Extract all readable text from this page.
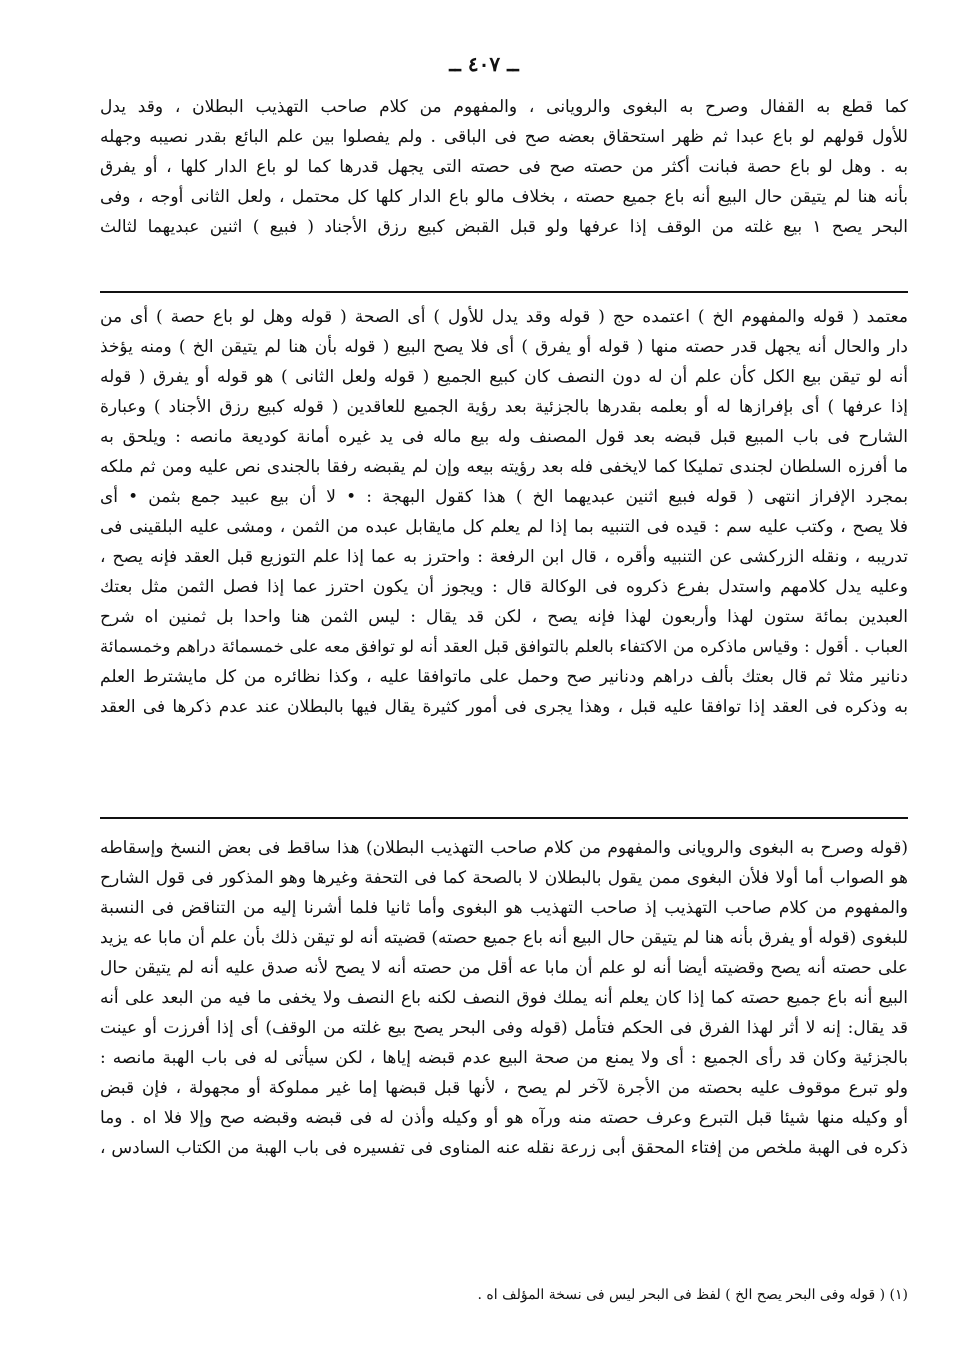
ــ ٤٠٧ ــ
كما قطع به القفال وصرح به البغوى والرويانى ، والمفهوم من كلام صاحب التهذيب البطلان ، وقد يدل
للأول قولهم لو باع عبدا ثم ظهر استحقاق بعضه صح فى الباقى . ولم يفصلوا بين علم البائع بقدر نصيبه وجهله
به . وهل لو باع حصة فبانت أكثر من حصته صح فى حصته التى يجهل قدرها كما لو باع الدار كلها ، أو يفرق
بأنه هنا لم يتيقن حال البيع أنه باع جميع حصته ، بخلاف مالو باع الدار كلها كل محتمل ، ولعل الثانى أوجه ، وفى
البحر يصح ١ بيع غلته من الوقف إذا عرفها ولو قبل القبض كبيع رزق الأجناد ( فبيع ) اثنين عبديهما لثالث
معتمد ( قوله والمفهوم الخ ) اعتمده حج ( قوله وقد يدل للأول ) أى الصحة ( قوله وهل لو باع حصة ) أى من
دار والحال أنه يجهل قدر حصته منها ( قوله أو يفرق ) أى فلا يصح البيع ( قوله بأن هنا لم يتيقن الخ ) ومنه يؤخذ
أنه لو تيقن بيع الكل كأن علم أن له دون النصف كان كبيع الجميع ( قوله ولعل الثانى ) هو قوله أو يفرق ( قوله
إذا عرفها ) أى بإفرازها له أو بعلمه بقدرها بالجزئية بعد رؤية الجميع للعاقدين ( قوله كبيع رزق الأجناد ) وعبارة
الشارح فى باب المبيع قبل قبضه بعد قول المصنف وله بيع ماله فى يد غيره أمانة كوديعة مانصه : ويلحق به
ما أفرزه السلطان لجندى تمليكا كما لايخفى فله بعد رؤيته بيعه وإن لم يقبضه رفقا بالجندى نص عليه ومن ثم ملكه
بمجرد الإفراز انتهى ( قوله فبيع اثنين عبديهما الخ ) هذا كقول البهجة : • لا أن بيع عبيد جمع بثمن • أى
فلا يصح ، وكتب عليه سم : قيده فى التنبيه بما إذا لم يعلم كل مايقابل عبده من الثمن ، ومشى عليه البلقينى فى
تدريبه ، ونقله الزركشى عن التنبيه وأقره ، قال ابن الرفعة : واحترز به عما إذا علم التوزيع قبل العقد فإنه يصح ،
وعليه يدل كلامهم واستدل بفرع ذكروه فى الوكالة قال : ويجوز أن يكون احترز عما إذا فصل الثمن مثل بعتك
العبدين بمائة ستون لهذا وأربعون لهذا فإنه يصح ، لكن قد يقال : ليس الثمن هنا واحدا بل ثمنين اه شرح
العباب . أقول : وقياس ماذكره من الاكتفاء بالعلم بالتوافق قبل العقد أنه لو توافق معه على خمسمائة دراهم وخمسمائة
دنانير مثلا ثم قال بعتك بألف دراهم ودنانير صح وحمل على ماتوافقا عليه ، وكذا نظائره من كل مايشترط العلم
به وذكره فى العقد إذا توافقا عليه قبل ، وهذا يجرى فى أمور كثيرة يقال فيها بالبطلان عند عدم ذكرها فى العقد
(قوله وصرح به البغوى والرويانى والمفهوم من كلام صاحب التهذيب البطلان) هذا ساقط فى بعض النسخ وإسقاطه
هو الصواب أما أولا فلأن البغوى ممن يقول بالبطلان لا بالصحة كما فى التحفة وغيرها وهو المذكور فى قول الشارح
والمفهوم من كلام صاحب التهذيب إذ صاحب التهذيب هو البغوى وأما ثانيا فلما أشرنا إليه من التناقض فى النسبة
للبغوى (قوله أو يفرق بأنه هنا لم يتيقن حال البيع أنه باع جميع حصته) قضيته أنه لو تيقن ذلك بأن علم أن مابا عه يزيد
على حصته أنه يصح وقضيته أيضا أنه لو علم أن مابا عه أقل من حصته أنه لا يصح لأنه صدق عليه أنه لم يتيقن حال
البيع أنه باع جميع حصته كما إذا كان يعلم أنه يملك فوق النصف لكنه باع النصف ولا يخفى ما فيه من البعد على أنه
قد يقال: إنه لا أثر لهذا الفرق فى الحكم فتأمل (قوله وفى البحر يصح بيع غلته من الوقف) أى إذا أفرزت أو عينت
بالجزئية وكان قد رأى الجميع : أى ولا يمنع من صحة البيع عدم قبضه إياها ، لكن سيأتى له فى باب الهبة مانصه :
ولو تبرع موقوف عليه بحصته من الأجرة لآخر لم يصح ، لأنها قبل قبضها إما غير مملوكة أو مجهولة ، فإن قبض
أو وكيله منها شيئا قبل التبرع وعرف حصته منه ورآه هو أو وكيله وأذن له فى قبضه وقبضه صح وإلا فلا اه . وما
ذكره فى الهبة ملخص من إفتاء المحقق أبى زرعة نقله عنه المناوى فى تفسيره فى باب الهبة من الكتاب السادس ،
(١) ( قوله وفى البحر يصح الخ ) لفظ فى البحر ليس فى نسخة المؤلف اه .
